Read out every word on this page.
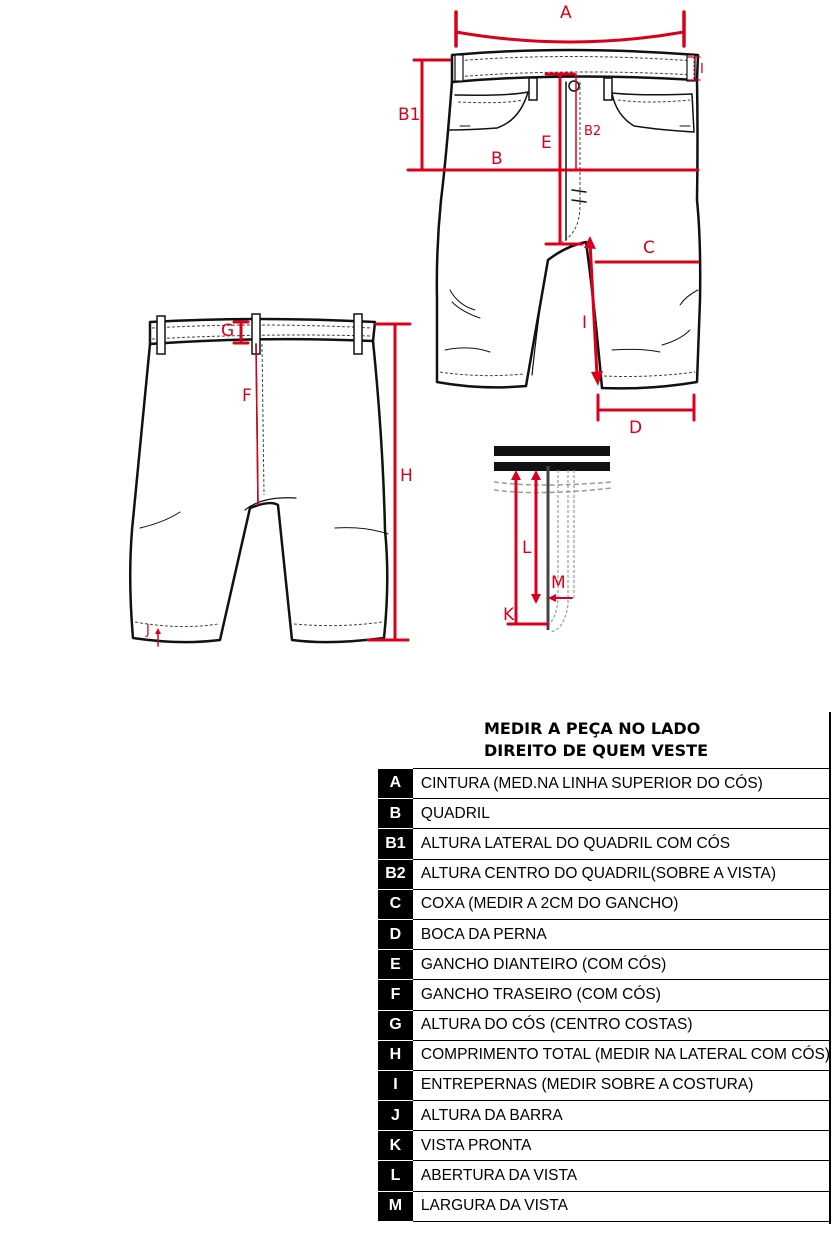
A
I
B1
B2
E
B
C
I
D
G
F
H
J
L
M
K
MEDIR A PEÇA NO LADO
DIREITO DE QUEM VESTE
A	CINTURA (MED.NA LINHA SUPERIOR DO CÓS)
B	QUADRIL
B1	ALTURA LATERAL DO QUADRIL COM CÓS
B2	ALTURA CENTRO DO QUADRIL(SOBRE A VISTA)
C	COXA (MEDIR A 2CM DO GANCHO)
D	BOCA DA PERNA
E	GANCHO DIANTEIRO (COM CÓS)
F	GANCHO TRASEIRO (COM CÓS)
G	ALTURA DO CÓS (CENTRO COSTAS)
H	COMPRIMENTO TOTAL (MEDIR NA LATERAL COM CÓS)
I	ENTREPERNAS (MEDIR SOBRE A COSTURA)
J	ALTURA DA BARRA
K	VISTA PRONTA
L	ABERTURA DA VISTA
M	LARGURA DA VISTA
